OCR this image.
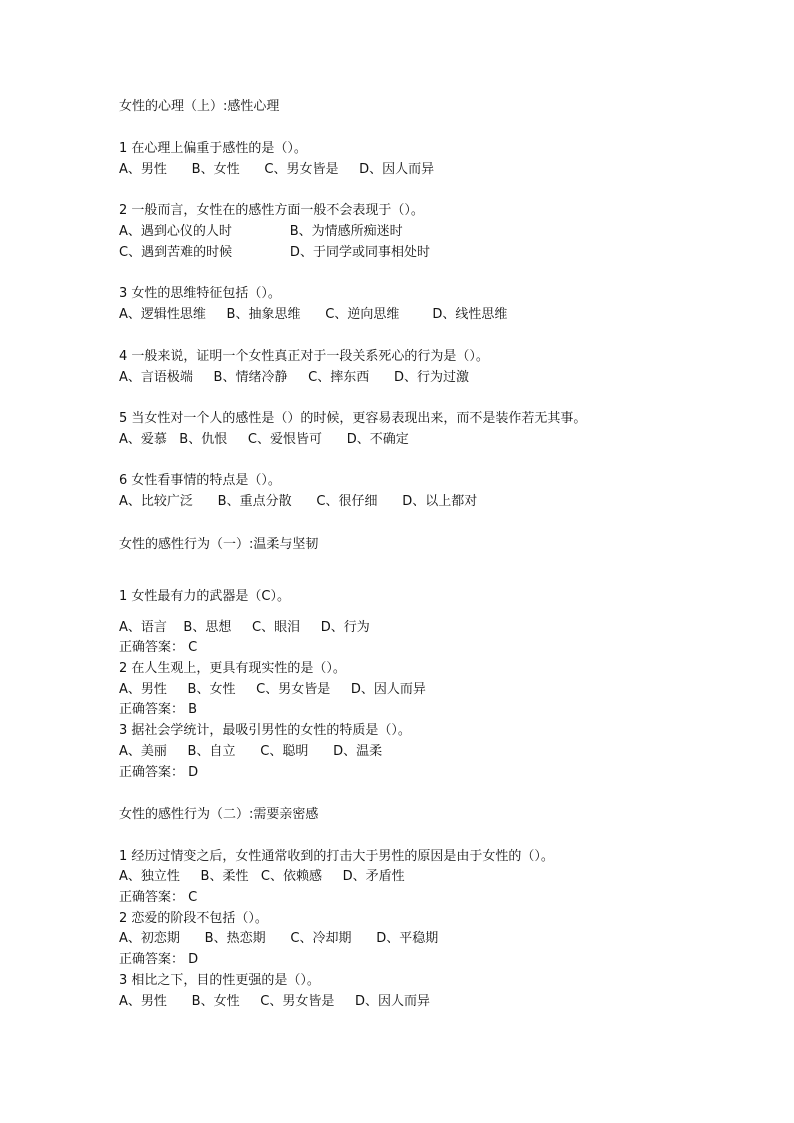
女性的心理（上）:感性心理
1 在心理上偏重于感性的是（）。
A、男性      B、女性      C、男女皆是     D、因人而异
2 一般而言，女性在的感性方面一般不会表现于（）。
A、遇到心仪的人时              B、为情感所痴迷时
C、遇到苦难的时候              D、于同学或同事相处时
3 女性的思维特征包括（）。
A、逻辑性思维     B、抽象思维      C、逆向思维        D、线性思维
4 一般来说，证明一个女性真正对于一段关系死心的行为是（）。
A、言语极端     B、情绪冷静     C、摔东西      D、行为过激
5 当女性对一个人的感性是（）的时候，更容易表现出来，而不是装作若无其事。
A、爱慕   B、仇恨     C、爱恨皆可      D、不确定
6 女性看事情的特点是（）。
A、比较广泛      B、重点分散      C、很仔细      D、以上都对
女性的感性行为（一）:温柔与坚韧
1 女性最有力的武器是（C）。
A、语言    B、思想     C、眼泪     D、行为
正确答案： C
2 在人生观上，更具有现实性的是（）。
A、男性     B、女性     C、男女皆是     D、因人而异
正确答案： B
3 据社会学统计，最吸引男性的女性的特质是（）。
A、美丽     B、自立      C、聪明      D、温柔
正确答案： D
女性的感性行为（二）:需要亲密感
1 经历过情变之后，女性通常收到的打击大于男性的原因是由于女性的（）。
A、独立性     B、柔性   C、依赖感     D、矛盾性
正确答案： C
2 恋爱的阶段不包括（）。
A、初恋期      B、热恋期      C、冷却期      D、平稳期
正确答案： D
3 相比之下，目的性更强的是（）。
A、男性      B、女性     C、男女皆是     D、因人而异
